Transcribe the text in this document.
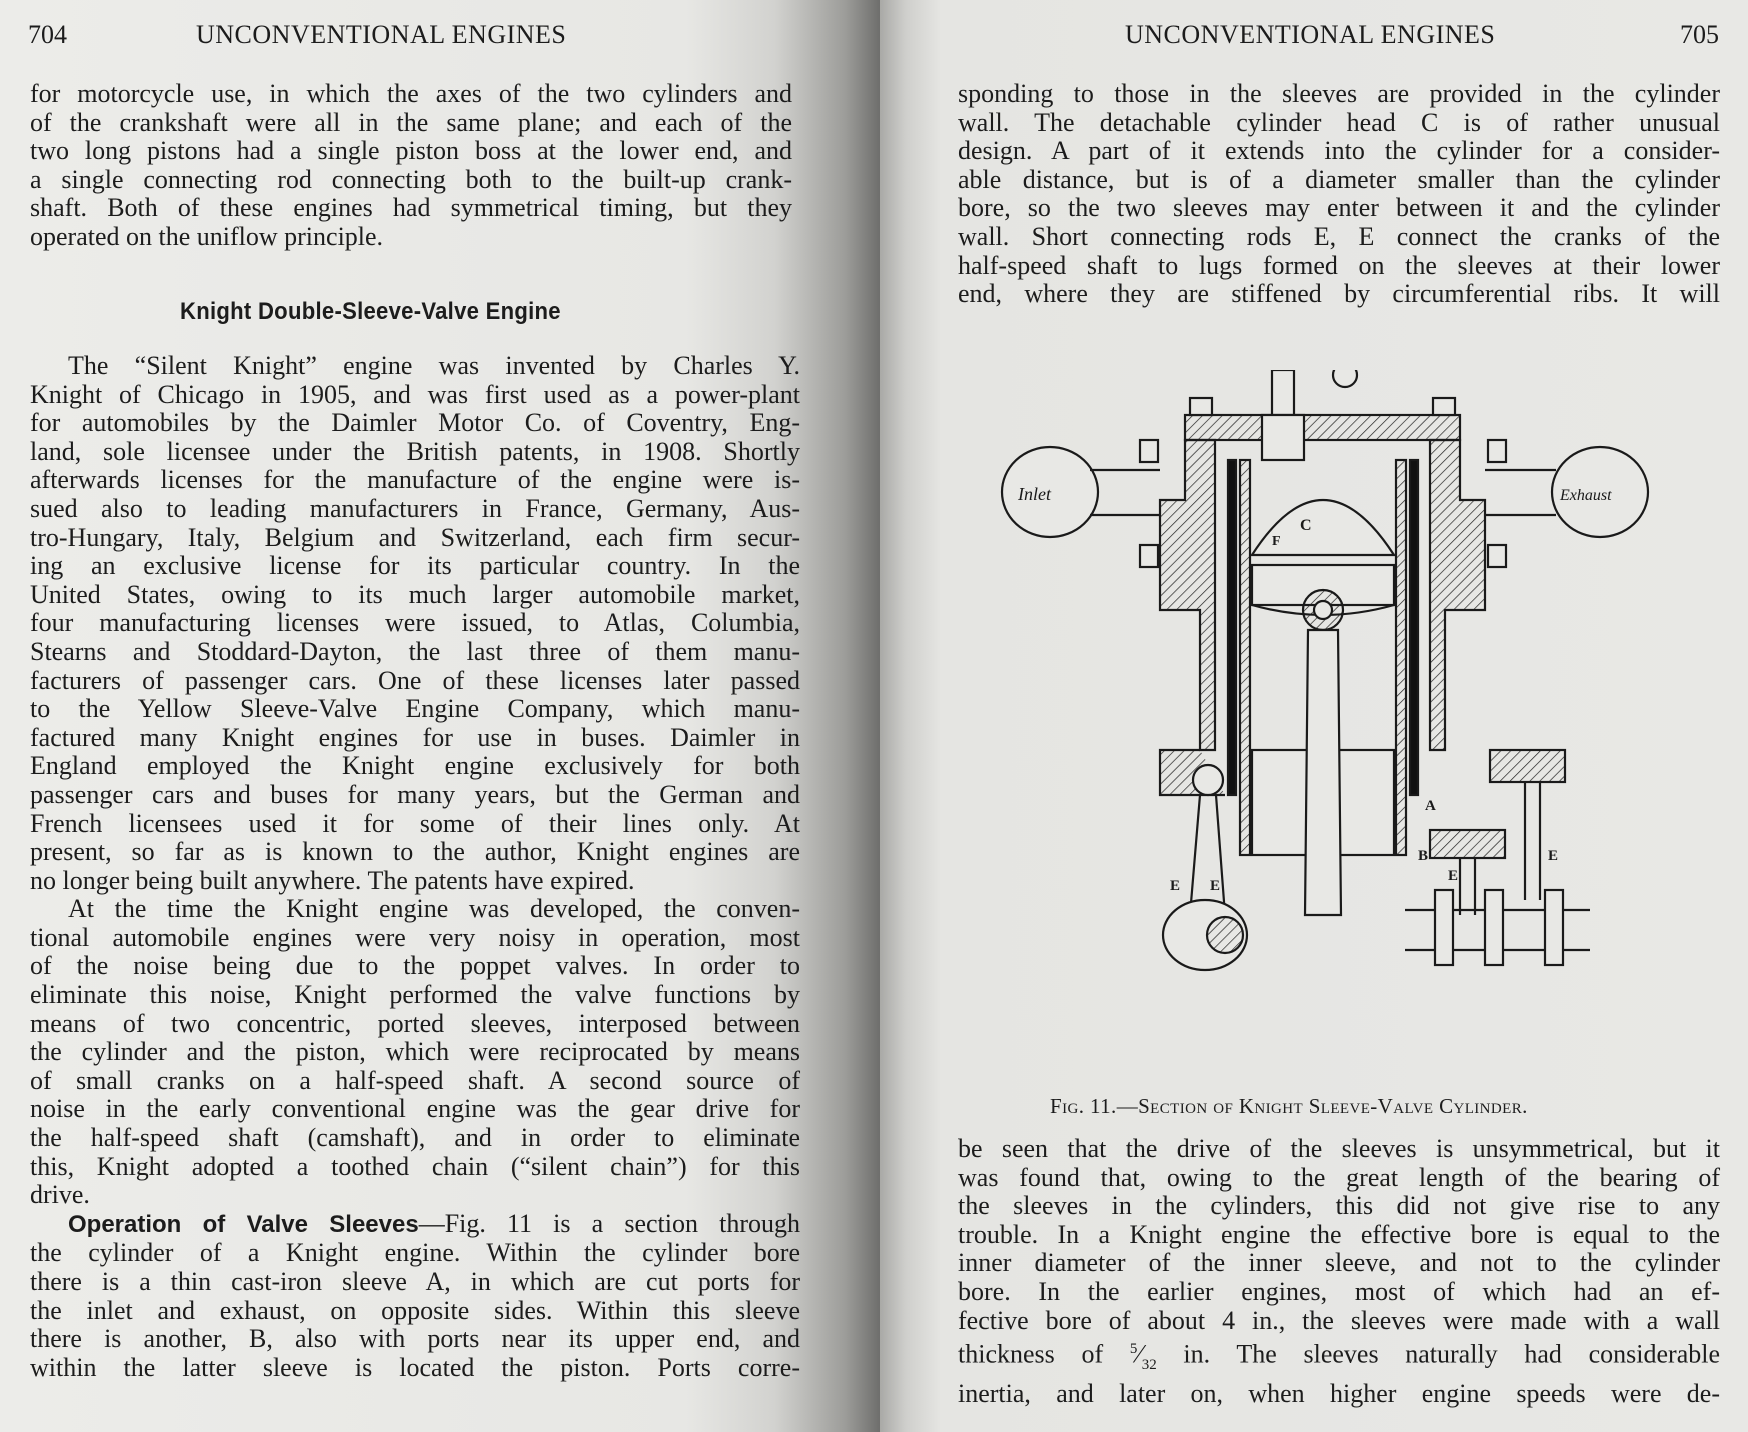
704	UNCONVENTIONAL ENGINES
for motorcycle use, in which the axes of the two cylinders and
of the crankshaft were all in the same plane; and each of the
two long pistons had a single piston boss at the lower end, and
a single connecting rod connecting both to the built-up crank-
shaft. Both of these engines had symmetrical timing, but they
operated on the uniflow principle.
Knight Double-Sleeve-Valve Engine
The “Silent Knight” engine was invented by Charles Y.
Knight of Chicago in 1905, and was first used as a power-plant
for automobiles by the Daimler Motor Co. of Coventry, Eng-
land, sole licensee under the British patents, in 1908. Shortly
afterwards licenses for the manufacture of the engine were is-
sued also to leading manufacturers in France, Germany, Aus-
tro-Hungary, Italy, Belgium and Switzerland, each firm secur-
ing an exclusive license for its particular country. In the
United States, owing to its much larger automobile market,
four manufacturing licenses were issued, to Atlas, Columbia,
Stearns and Stoddard-Dayton, the last three of them manu-
facturers of passenger cars. One of these licenses later passed
to the Yellow Sleeve-Valve Engine Company, which manu-
factured many Knight engines for use in buses. Daimler in
England employed the Knight engine exclusively for both
passenger cars and buses for many years, but the German and
French licensees used it for some of their lines only. At
present, so far as is known to the author, Knight engines are
no longer being built anywhere. The patents have expired.
At the time the Knight engine was developed, the conven-
tional automobile engines were very noisy in operation, most
of the noise being due to the poppet valves. In order to
eliminate this noise, Knight performed the valve functions by
means of two concentric, ported sleeves, interposed between
the cylinder and the piston, which were reciprocated by means
of small cranks on a half-speed shaft. A second source of
noise in the early conventional engine was the gear drive for
the half-speed shaft (camshaft), and in order to eliminate
this, Knight adopted a toothed chain (“silent chain”) for this
drive.
Operation of Valve Sleeves—Fig. 11 is a section through
the cylinder of a Knight engine. Within the cylinder bore
there is a thin cast-iron sleeve A, in which are cut ports for
the inlet and exhaust, on opposite sides. Within this sleeve
there is another, B, also with ports near its upper end, and
within the latter sleeve is located the piston. Ports corre-
UNCONVENTIONAL ENGINES	705
sponding to those in the sleeves are provided in the cylinder
wall. The detachable cylinder head C is of rather unusual
design. A part of it extends into the cylinder for a consider-
able distance, but is of a diameter smaller than the cylinder
bore, so the two sleeves may enter between it and the cylinder
wall. Short connecting rods E, E connect the cranks of the
half-speed shaft to lugs formed on the sleeves at their lower
end, where they are stiffened by circumferential ribs. It will
Inlet	Exhaust
C
F
A
B
E E
E
E
Fig. 11.—Section of Knight Sleeve-Valve Cylinder.
be seen that the drive of the sleeves is unsymmetrical, but it
was found that, owing to the great length of the bearing of
the sleeves in the cylinders, this did not give rise to any
trouble. In a Knight engine the effective bore is equal to the
inner diameter of the inner sleeve, and not to the cylinder
bore. In the earlier engines, most of which had an ef-
fective bore of about 4 in., the sleeves were made with a wall
thickness of $^5⁄_{32}$ in. The sleeves naturally had considerable
inertia, and later on, when higher engine speeds were de-
